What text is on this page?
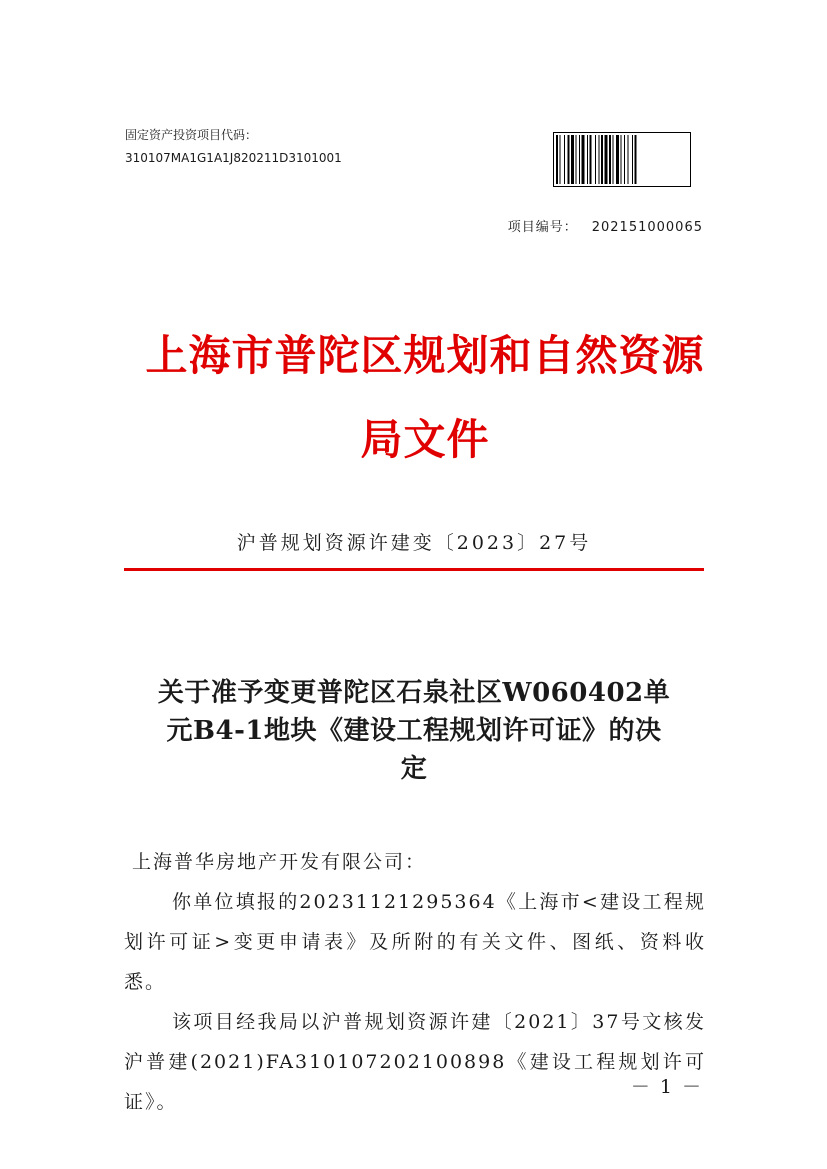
固定资产投资项目代码：
310107MA1G1A1J820211D3101001
项目编号： 202151000065
上海市普陀区规划和自然资源
局文件
沪普规划资源许建变〔2023〕27号
关于准予变更普陀区石泉社区W060402单
元B4-1地块《建设工程规划许可证》的决
定

上海普华房地产开发有限公司：

你单位填报的20231121295364《上海市<建设工程规划许可证>变更申请表》及所附的有关文件、图纸、资料收悉。

该项目经我局以沪普规划资源许建〔2021〕37号文核发沪普建(2021)FA310107202100898《建设工程规划许可证》。

－ 1 －
